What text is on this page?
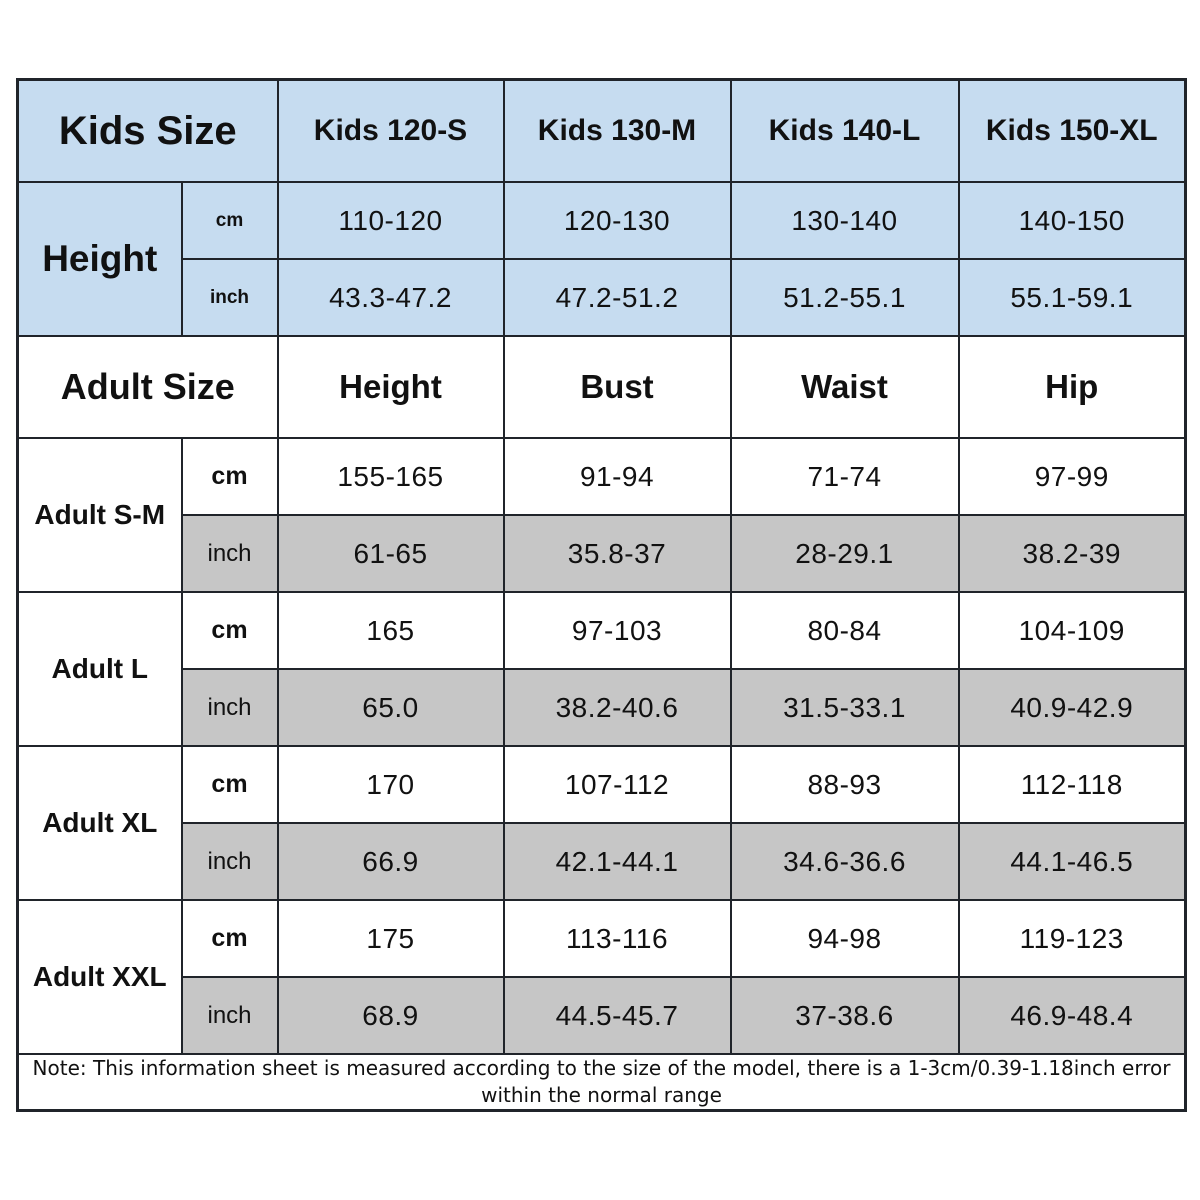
Kids Size		Kids 120-S	Kids 130-M	Kids 140-L	Kids 150-XL
Height	cm	110-120	120-130	130-140	140-150
	inch	43.3-47.2	47.2-51.2	51.2-55.1	55.1-59.1
Adult Size		Height	Bust	Waist	Hip
Adult S-M	cm	155-165	91-94	71-74	97-99
	inch	61-65	35.8-37	28-29.1	38.2-39
Adult L	cm	165	97-103	80-84	104-109
	inch	65.0	38.2-40.6	31.5-33.1	40.9-42.9
Adult XL	cm	170	107-112	88-93	112-118
	inch	66.9	42.1-44.1	34.6-36.6	44.1-46.5
Adult XXL	cm	175	113-116	94-98	119-123
	inch	68.9	44.5-45.7	37-38.6	46.9-48.4

Note: This information sheet is measured according to the size of the model, there is a 1-3cm/0.39-1.18inch error
within the normal range					
